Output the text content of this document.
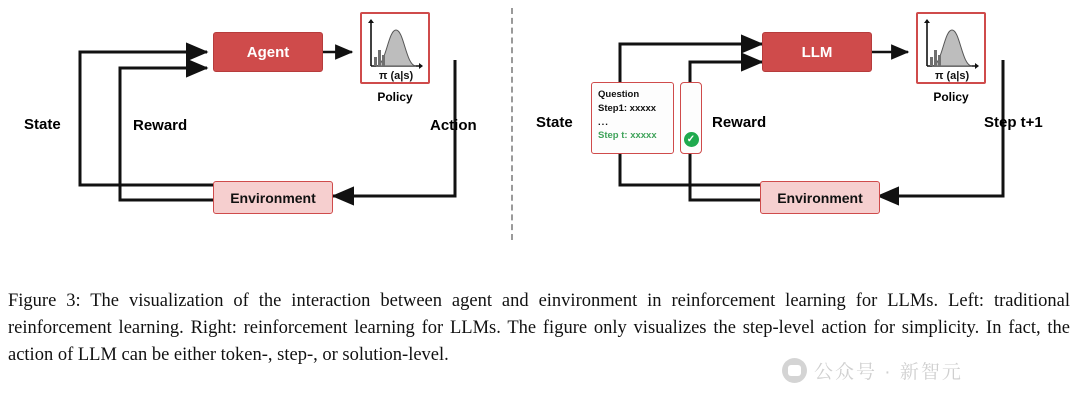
Agent
Environment
π (a|s)
Policy
State	Reward	Action
LLM
Environment
π (a|s)
Policy
State	Reward	Step t+1
Question
Step1: xxxxx
...
Step t: xxxxx	✓
Figure 3: The visualization of the interaction between agent and einvironment in reinforcement learning for LLMs. Left: traditional reinforcement learning. Right: reinforcement learning for LLMs. The figure only visualizes the step-level action for simplicity. In fact, the action of LLM can be either token-, step-, or solution-level.
公众号 · 新智元
